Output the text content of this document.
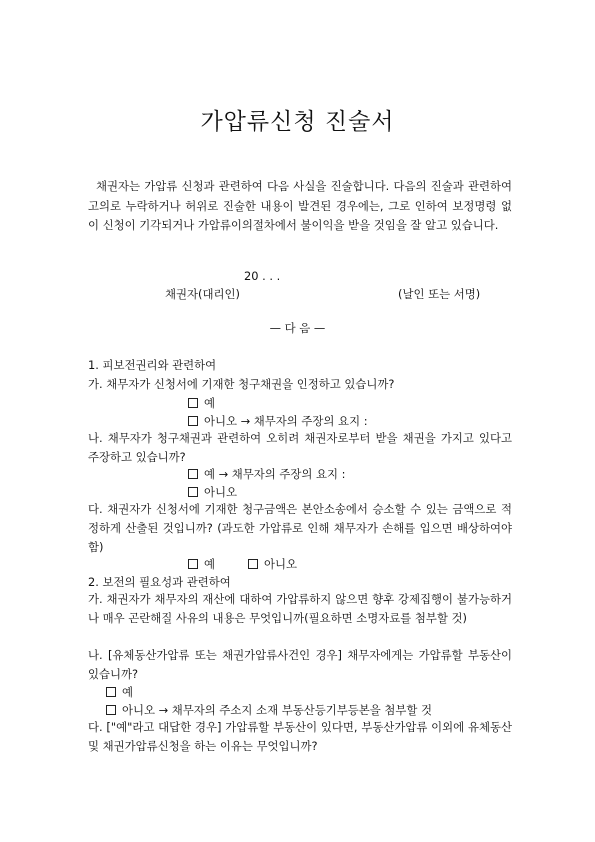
가압류신청 진술서
채권자는 가압류 신청과 관련하여 다음 사실을 진술합니다. 다음의 진술과 관련하여 고의로 누락하거나 허위로 진술한 내용이 발견된 경우에는, 그로 인하여 보정명령 없이 신청이 기각되거나 가압류이의절차에서 불이익을 받을 것임을 잘 알고 있습니다.
20 . . .
채권자(대리인)	(날인 또는 서명)
— 다 음 —
1. 피보전권리와 관련하여
가. 채무자가 신청서에 기재한 청구채권을 인정하고 있습니까?
예
아니오 → 채무자의 주장의 요지 :
나. 채무자가 청구채권과 관련하여 오히려 채권자로부터 받을 채권을 가지고 있다고 주장하고 있습니까?
예 → 채무자의 주장의 요지 :
아니오
다. 채권자가 신청서에 기재한 청구금액은 본안소송에서 승소할 수 있는 금액으로 적정하게 산출된 것입니까? (과도한 가압류로 인해 채무자가 손해를 입으면 배상하여야 함)
예	아니오
2. 보전의 필요성과 관련하여
가. 채권자가 채무자의 재산에 대하여 가압류하지 않으면 향후 강제집행이 불가능하거나 매우 곤란해질 사유의 내용은 무엇입니까(필요하면 소명자료를 첨부할 것)
나. [유체동산가압류 또는 채권가압류사건인 경우] 채무자에게는 가압류할 부동산이 있습니까?
예
아니오 → 채무자의 주소지 소재 부동산등기부등본을 첨부할 것
다. ["예"라고 대답한 경우] 가압류할 부동산이 있다면, 부동산가압류 이외에 유체동산 및 채권가압류신청을 하는 이유는 무엇입니까?
